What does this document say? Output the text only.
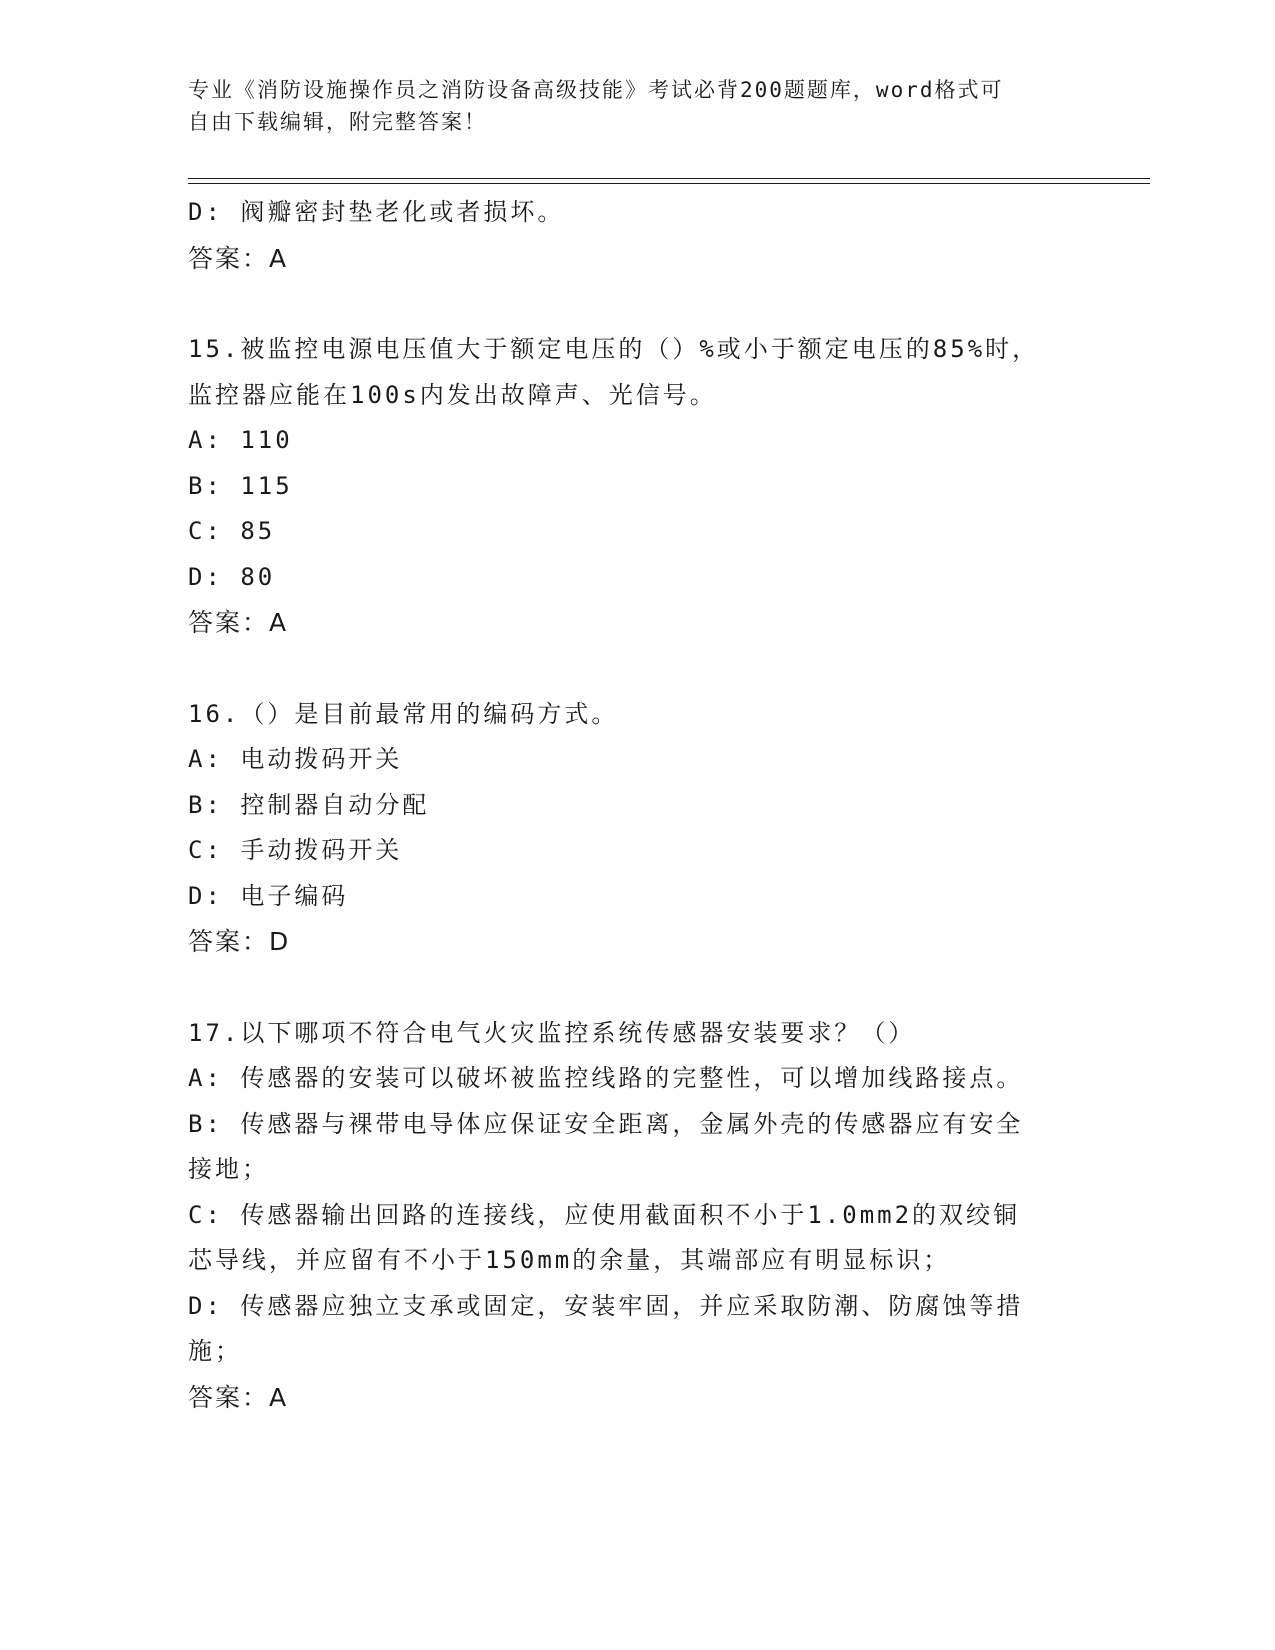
专业《消防设施操作员之消防设备高级技能》考试必背200题题库，word格式可
自由下载编辑，附完整答案！
D: 阀瓣密封垫老化或者损坏。
答案：A
15.被监控电源电压值大于额定电压的（）%或小于额定电压的85%时，
监控器应能在100s内发出故障声、光信号。
A: 110
B: 115
C: 85
D: 80
答案：A
16.（）是目前最常用的编码方式。
A: 电动拨码开关
B: 控制器自动分配
C: 手动拨码开关
D: 电子编码
答案：D
17.以下哪项不符合电气火灾监控系统传感器安装要求？（）
A: 传感器的安装可以破坏被监控线路的完整性，可以增加线路接点。
B: 传感器与裸带电导体应保证安全距离，金属外壳的传感器应有安全
接地；
C: 传感器输出回路的连接线，应使用截面积不小于1.0mm2的双绞铜
芯导线，并应留有不小于150mm的余量，其端部应有明显标识；
D: 传感器应独立支承或固定，安装牢固，并应采取防潮、防腐蚀等措
施；
答案：A
